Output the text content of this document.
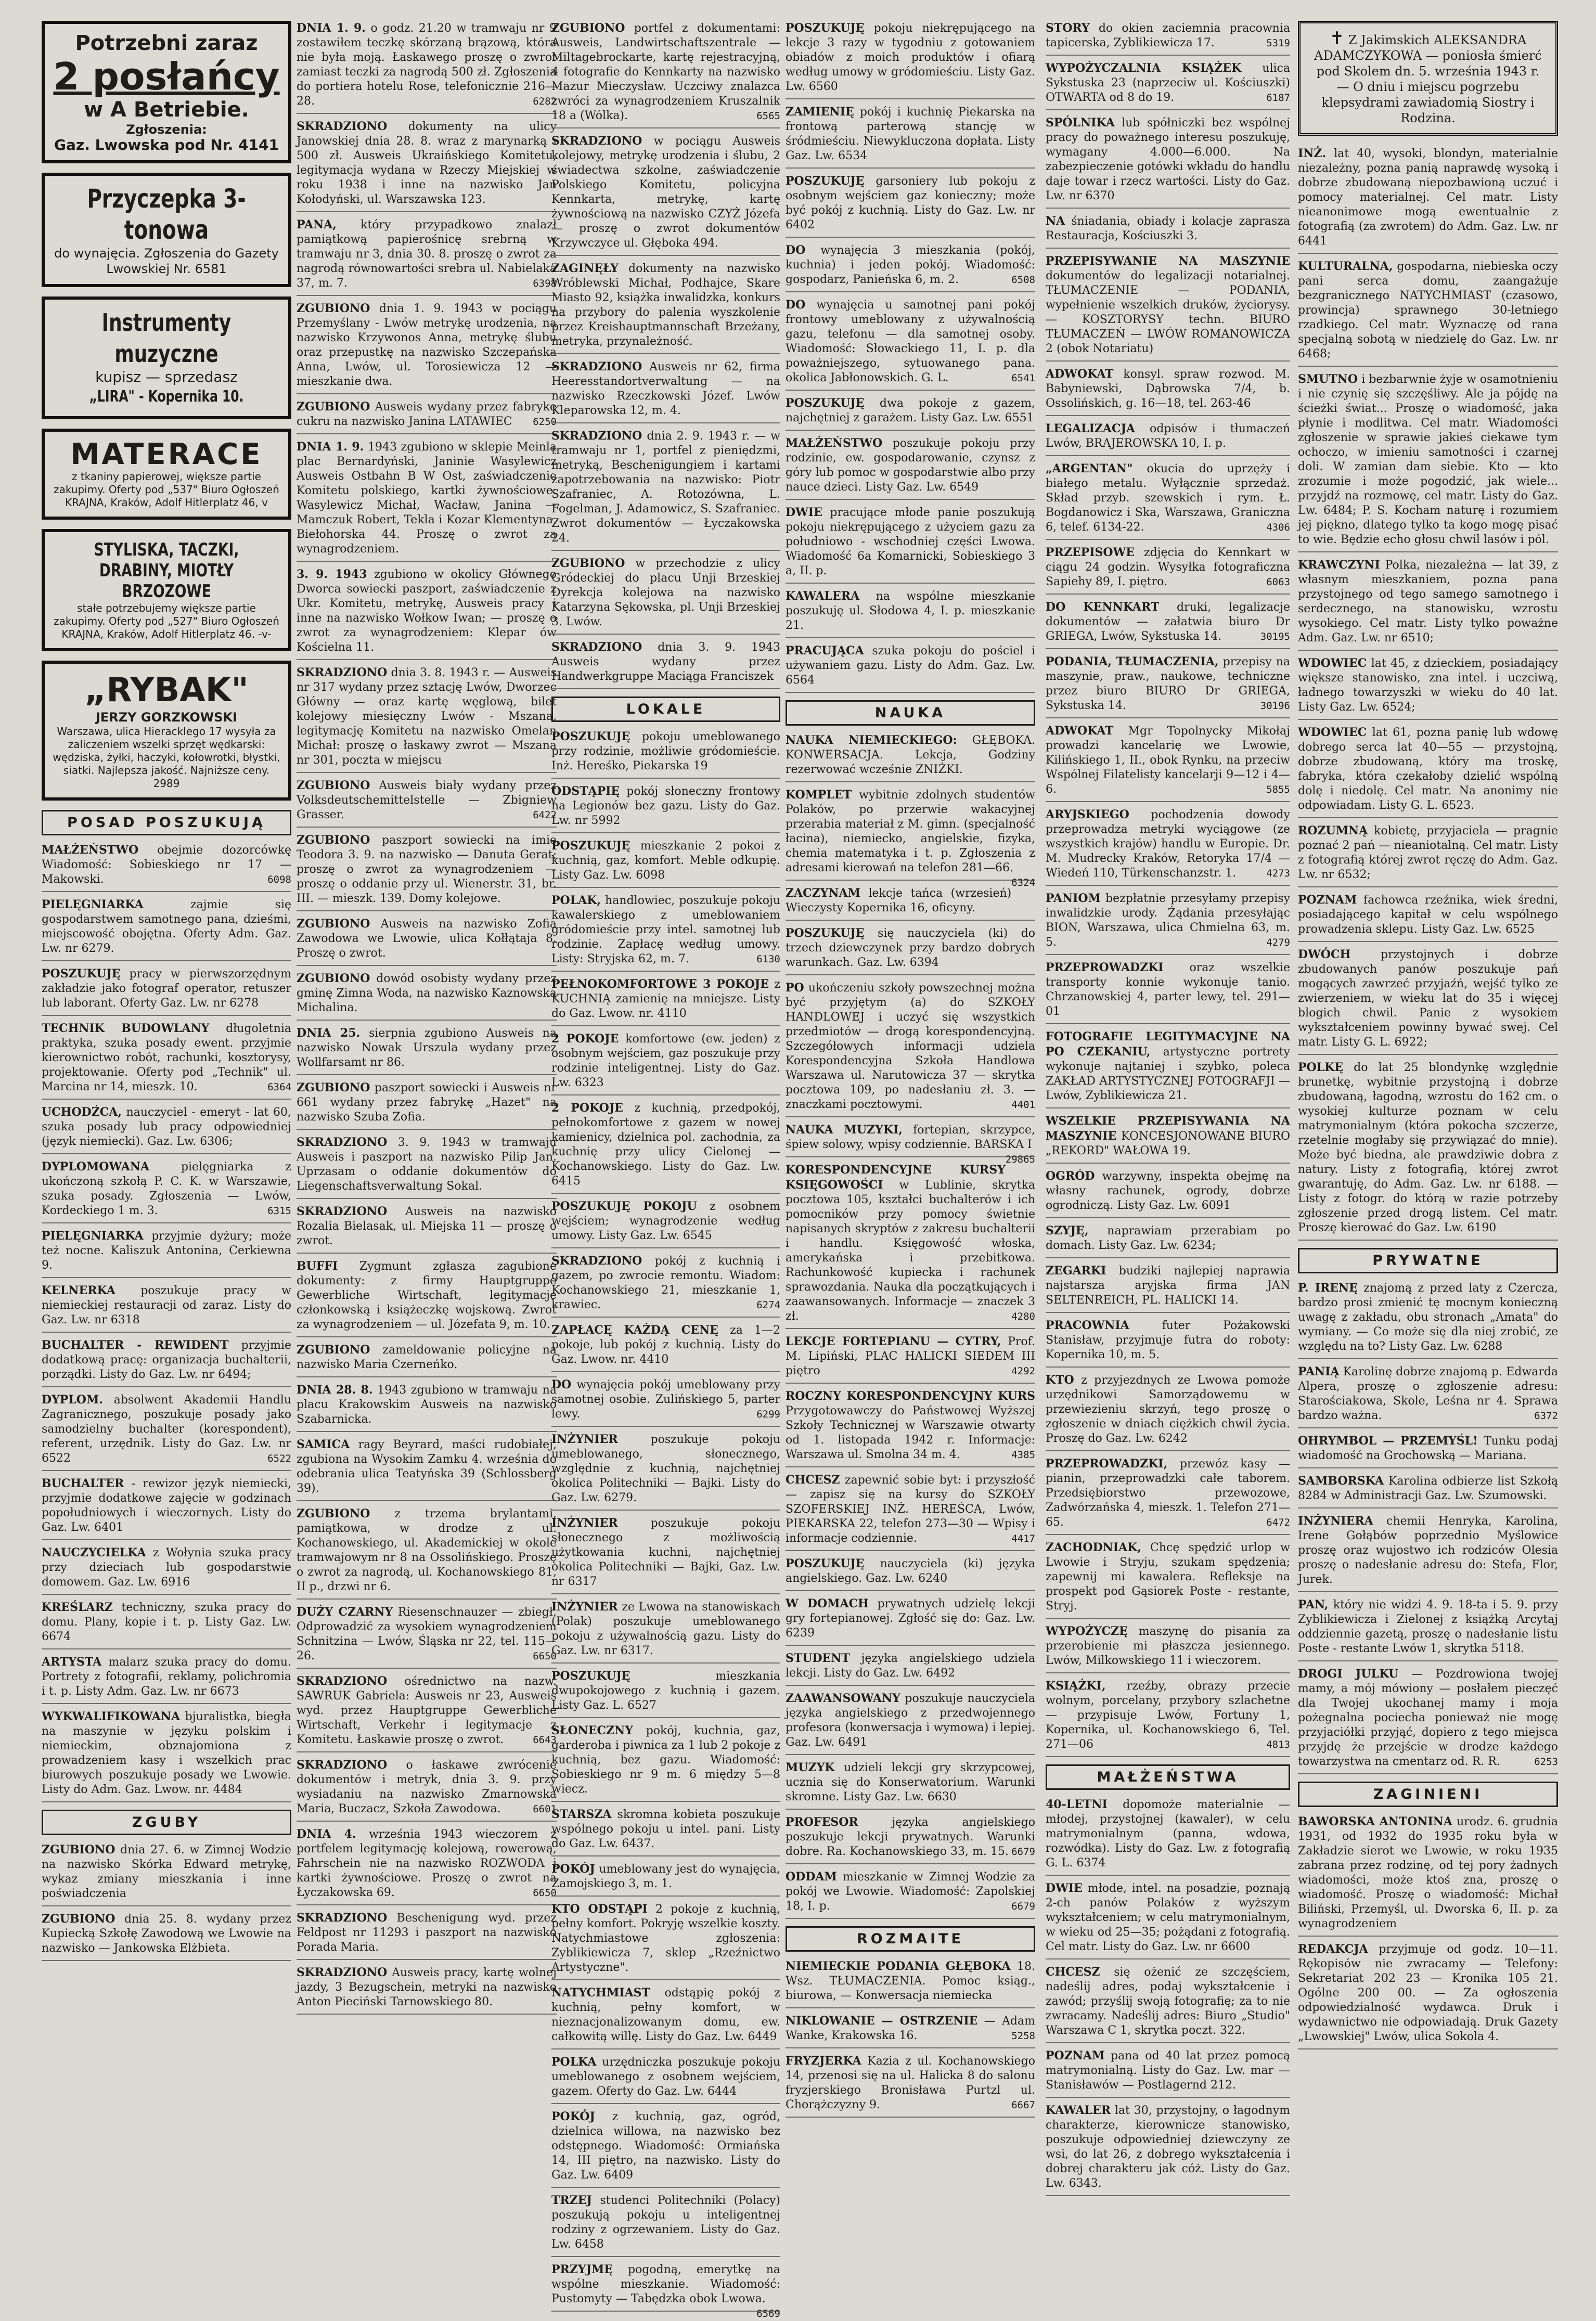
Potrzebni zaraz
2 posłańcy
w A Betriebie.
Zgłoszenia:
Gaz. Lwowska pod Nr. 4141
Przyczepka 3-tonowa
do wynajęcia. Zgłoszenia do Gazety Lwowskiej Nr. 6581
Instrumenty muzyczne
kupisz — sprzedasz
„LIRA" - Kopernika 10.
MATERACE
z tkaniny papierowej, większe partie zakupimy. Oferty pod „537" Biuro Ogłoszeń KRAJNA, Kraków, Adolf Hitlerplatz 46, v
STYLISKA, TACZKI, DRABINY, MIOTŁY BRZOZOWE
stałe potrzebujemy większe partie zakupimy. Oferty pod „527" Biuro Ogłoszeń KRAJNA, Kraków, Adolf Hitlerplatz 46. -v-
„RYBAK"
JERZY GORZKOWSKI
Warszawa, ulica Hieracklego 17 wysyła za zaliczeniem wszelki sprzęt wędkarski: wędziska, żyłki, haczyki, kołowrotki, błystki, siatki. Najlepsza jakość. Najniższe ceny. 2989
POSAD POSZUKUJĄ
MAŁŻEŃSTWO obejmie dozorcówkę Wiadomość: Sobieskiego nr 17 — Makowski.	6098
PIELĘGNIARKA	zajmie się gospodarstwem samotnego pana, dzieśmi, miejscowość obojętna. Oferty Adm. Gaz. Lw. nr 6279.
POSZUKUJĘ pracy w pierwszorzędnym zakładzie jako fotograf operator, retuszer lub laborant. Oferty Gaz. Lw. nr 6278
TECHNIK BUDOWLANY długoletnia praktyka, szuka posady ewent. przyjmie kierownictwo robót, rachunki, kosztorysy, projektowanie. Oferty pod „Technik" ul. Marcina nr 14, mieszk. 10.	6364
UCHODŹCA, nauczyciel - emeryt - lat 60, szuka posady lub pracy odpowiedniej (język niemiecki). Gaz. Lw. 6306;
DYPLOMOWANA	pielęgniarka z ukończoną szkołą P. C. K. w Warszawie, szuka posady. Zgłoszenia — Lwów, Kordeckiego 1 m. 3.	6315
PIELĘGNIARKA przyjmie dyżury; może też nocne. Kaliszuk Antonina, Cerkiewna 9.
KELNERKA poszukuje pracy w niemieckiej restauracji od zaraz. Listy do Gaz. Lw. nr 6318
BUCHALTER - REWIDENT przyjmie dodatkową pracę: organizacja buchalterii, porządki. Listy do Gaz. Lw. nr 6494;
DYPLOM. absolwent Akademii Handlu Zagranicznego, poszukuje posady jako samodzielny buchalter (korespondent), referent, urzędnik. Listy do Gaz. Lw. nr 6522	6522
BUCHALTER - rewizor język niemiecki, przyjmie dodatkowe zajęcie w godzinach popołudniowych i wieczornych. Listy do Gaz. Lw. 6401
NAUCZYCIELKA z Wołynia szuka pracy przy dzieciach lub gospodarstwie domowem. Gaz. Lw. 6916
KREŚLARZ techniczny, szuka pracy do domu. Plany, kopie i t. p. Listy Gaz. Lw. 6674
ARTYSTA malarz szuka pracy do domu. Portrety z fotografii, reklamy, polichromia i t. p. Listy Adm. Gaz. Lw. nr 6673
WYKWALIFIKOWANA bjuralistka, biegła na maszynie w języku polskim i niemieckim, obznajomiona z prowadzeniem kasy i wszelkich prac biurowych poszukuje posady we Lwowie. Listy do Adm. Gaz. Lwow. nr. 4484
ZGUBY
ZGUBIONO dnia 27. 6. w Zimnej Wodzie na nazwisko Skórka Edward metrykę, wykaz zmiany mieszkania i inne poświadczenia
ZGUBIONO dnia 25. 8. wydany przez Kupiecką Szkołę Zawodową we Lwowie na nazwisko — Jankowska Elżbieta.
DNIA 1. 9. o godz. 21.20 w tramwaju nr 9 zostawiłem teczkę skórzaną brązową, która nie była moją. Łaskawego proszę o zwrot zamiast teczki za nagrodą 500 zł. Zgłoszenia do portiera hotelu Rose, telefonicznie 216—28.	6282
SKRADZIONO dokumenty na ulicy Janowskiej dnia 28. 8. wraz z marynarką i 500 zł. Ausweis Ukraińskiego Komitetu, legitymacja wydana w Rzeczy Miejskiej w roku 1938 i inne na nazwisko Jan Kołodyński, ul. Warszawska 123.
PANA, który przypadkowo znalazł pamiątkową papierośnicę srebrną w tramwaju nr 3, dnia 30. 8. proszę o zwrot za nagrodą równowartości srebra ul. Nabielaka 37, m. 7.	6398
ZGUBIONO dnia 1. 9. 1943 w pociągu Przemyślany - Lwów metrykę urodzenia, na nazwisko Krzywonos Anna, metrykę ślubu oraz przepustkę na nazwisko Szczepańska Anna, Lwów, ul. Torosiewicza 12 — mieszkanie dwa.
ZGUBIONO Ausweis wydany przez fabrykę cukru na nazwisko Janina LATAWIEC 6250
DNIA 1. 9. 1943 zgubiono w sklepie Meinla plac Bernardyński, Janinie Wasylewicz Ausweis Ostbahn B W Ost, zaświadczenie Komitetu polskiego, kartki żywnościowe: Wasylewicz Michał, Wacław, Janina — Mamczuk Robert, Tekla i Kozar Klementyna, Biełohorska 44. Proszę o zwrot za wynagrodzeniem.
3. 9. 1943 zgubiono w okolicy Głównego Dworca sowiecki paszport, zaświadczenie z Ukr. Komitetu, metrykę, Ausweis pracy i inne na nazwisko Wołkow Iwan; — proszę o zwrot za wynagrodzeniem: Klepar ów Kościelna 11.
SKRADZIONO dnia 3. 8. 1943 r. — Ausweis nr 317 wydany przez sztację Lwów, Dworzec Główny — oraz kartę węglową, bilet kolejowy miesięczny Lwów - Mszana, legitymację Komitetu na nazwisko Omelan Michał: proszę o łaskawy zwrot — Mszana nr 301, poczta w miejscu
ZGUBIONO Ausweis biały wydany przez Volksdeutschemittelstelle — Zbigniew Grasser.	6422
ZGUBIONO paszport sowiecki na imię Teodora 3. 9. na nazwisko — Danuta Gerat; proszę o zwrot za wynagrodzeniem — proszę o oddanie przy ul. Wienerstr. 31, br. III. — mieszk. 139. Domy kolejowe.
ZGUBIONO Ausweis na nazwisko Zofia Zawodowa we Lwowie, ulica Kołłątaja 8. Proszę o zwrot.
ZGUBIONO dowód osobisty wydany przez gminę Zimna Woda, na nazwisko Kaznowska Michalina.
DNIA 25. sierpnia zgubiono Ausweis na nazwisko Nowak Urszula wydany przez Wollfarsamt nr 86.
ZGUBIONO paszport sowiecki i Ausweis nr 661 wydany przez fabrykę „Hazet" na nazwisko Szuba Zofia.
SKRADZIONO 3. 9. 1943 w tramwaju Ausweis i paszport na nazwisko Pilip Jan. Uprzasam o oddanie dokumentów do Liegenschaftsverwaltung Sokal.
SKRADZIONO Ausweis na nazwisko Rozalia Bielasak, ul. Miejska 11 — proszę o zwrot.
BUFFI Zygmunt zgłasza zagubione dokumenty: z firmy Hauptgruppe Gewerbliche Wirtschaft, legitymacje członkowską i książeczkę wojskową. Zwrot za wynagrodzeniem — ul. Józefata 9, m. 10.
ZGUBIONO zameldowanie policyjne na nazwisko Maria Czerneńko.
DNIA 28. 8. 1943 zgubiono w tramwaju na placu Krakowskim Ausweis na nazwisko Szabarnicka.
SAMICA ragy Beyrard, maści rudobiałej, zgubiona na Wysokim Zamku 4. września do odebrania ulica Teatyńska 39 (Schlossberg 39).
ZGUBIONO z trzema brylantami, pamiątkowa, w drodze z ul. Kochanowskiego, ul. Akademickiej w okole tramwajowym nr 8 na Ossolińskiego. Proszę o zwrot za nagrodą, ul. Kochanowskiego 81, II p., drzwi nr 6.
DUŻY CZARNY Riesenschnauzer — zbiegł. Odprowadzić za wysokiem wynagrodzeniem Schnitzina — Lwów, Śląska nr 22, tel. 115—26.	6650
SKRADZIONO ośrednictwo na nazw. SAWRUK Gabriela: Ausweis nr 23, Ausweis wyd. przez Hauptgruppe Gewerbliche Wirtschaft, Verkehr i legitymacje z Komitetu. Łaskawie proszę o zwrot.	6643
SKRADZIONO o łaskawe zwrócenie dokumentów i metryk, dnia 3. 9. przy wysiadaniu na nazwisko Zmarnowska Maria, Buczacz, Szkoła Zawodowa.	6601
DNIA 4. września 1943 wieczorem z portfelem legitymację kolejową, rowerową, Fahrschein nie na nazwisko ROZWODA i kartki żywnościowe. Proszę o zwrot na Łyczakowska 69.	6650
SKRADZIONO Beschenigung wyd. przez Feldpost nr 11293 i paszport na nazwisko Porada Maria.
SKRADZIONO Ausweis pracy, kartę wolnej jazdy, 3 Bezugschein, metryki na nazwisko Anton Pieciński Tarnowskiego 80.
ZGUBIONO portfel z dokumentami: Ausweis, Landwirtschaftszentrale — Miltagebrockarte, kartę rejestracyjną, 4 fotografie do Kennkarty na nazwisko Mazur Mieczysław. Uczciwy znalazca zwróci za wynagrodzeniem Kruszalnik 18 a (Wólka).	6565
SKRADZIONO w pociągu Ausweis kolejowy, metrykę urodzenia i ślubu, 2 świadectwa szkolne, zaświadczenie Polskiego Komitetu, policyjna Kennkarta, metrykę, kartę żywnościową na nazwisko CZYŻ Józefa — proszę o zwrot dokumentów Krzywczyce ul. Głęboka 494.
ZAGINĘŁY dokumenty na nazwisko Wróblewski Michał, Podhajce, Skare Miasto 92, książka inwalidzka, konkurs na przybory do palenia wyszkolenie przez Kreishauptmannschaft Brzeżany, metryka, przynależność.
SKRADZIONO Ausweis nr 62, firma Heeresstandortverwaltung — na nazwisko Rzeczkowski Józef. Lwów Kleparowska 12, m. 4.
SKRADZIONO dnia 2. 9. 1943 r. — w tramwaju nr 1, portfel z pieniędzmi, metryką, Beschenigungiem i kartami zapotrzebowania na nazwisko: Piotr Szafraniec, A. Rotozówna, L. Fogelman, J. Adamowicz, S. Szafraniec. Zwrot dokumentów — Łyczakowska 24.
ZGUBIONO w przechodzie z ulicy Gródeckiej do placu Unji Brzeskiej Dyrekcja kolejowa na nazwisko Katarzyna Sękowska, pl. Unji Brzeskiej 3. Lwów.
SKRADZIONO dnia 3. 9. 1943 Ausweis wydany przez Handwerkgruppe Maciąga Franciszek
LOKALE
POSZUKUJĘ pokoju umeblowanego przy rodzinie, możliwie gródomieście. Inż. Hereśko, Piekarska 19
ODSTĄPIĘ pokój słoneczny frontowy na Legionów bez gazu. Listy do Gaz. Lw. nr 5992
POSZUKUJĘ mieszkanie 2 pokoi z kuchnią, gaz, komfort. Meble odkupię. Listy Gaz. Lw. 6098
POLAK, handlowiec, poszukuje pokoju kawalerskiego z umeblowaniem gródomieście przy intel. samotnej lub rodzinie. Zapłacę według umowy. Listy: Stryjska 62, m. 7.	6130
PEŁNOKOMFORTOWE 3 POKOJE z KUCHNIĄ zamienię na mniejsze. Listy do Gaz. Lwow. nr. 4110
2 POKOJE komfortowe (ew. jeden) z osobnym wejściem, gaz poszukuje przy rodzinie inteligentnej. Listy do Gaz. Lw. 6323
2 POKOJE z kuchnią, przedpokój, pełnokomfortowe z gazem w nowej kamienicy, dzielnica pol. zachodnia, za kuchnię przy ulicy Cielonej — Kochanowskiego. Listy do Gaz. Lw. 6415
POSZUKUJĘ POKOJU z osobnem wejściem; wynagrodzenie według umowy. Listy Gaz. Lw. 6545
SKRADZIONO pokój z kuchnią i gazem, po zwrocie remontu. Wiadom: Kochanowskiego 21, mieszkanie 1, krawiec.	6274
ZAPŁACĘ KAŻDĄ CENĘ za 1—2 pokoje, lub pokój z kuchnią. Listy do Gaz. Lwow. nr. 4410
DO wynajęcia pokój umeblowany przy samotnej osobie. Zulińskiego 5, parter lewy.	6299
INŻYNIER	poszukuje pokoju umeblowanego, słonecznego, względnie z kuchnią, najchętniej okolica Politechniki — Bajki. Listy do Gaz. Lw. 6279.
INŻYNIER	poszukuje pokoju słonecznego z możliwością użytkowania kuchni, najchętniej okolica Politechniki — Bajki, Gaz. Lw. nr 6317
INŻYNIER ze Lwowa na stanowiskach (Polak) poszukuje umeblowanego pokoju z używalnością gazu. Listy do Gaz. Lw. nr 6317.
POSZUKUJĘ	mieszkania dwupokojowego z kuchnią i gazem. Listy Gaz. L. 6527
SŁONECZNY pokój, kuchnia, gaz, garderoba i piwnica za 1 lub 2 pokoje z kuchnią, bez gazu. Wiadomość: Sobieskiego nr 9 m. 6 między 5—8 wiecz.
STARSZA skromna kobieta poszukuje wspólnego pokoju u intel. pani. Listy do Gaz. Lw. 6437.
POKÓJ umeblowany jest do wynajęcia, Zamojskiego 3, m. 1.
KTO ODSTĄPI 2 pokoje z kuchnią, pełny komfort. Pokryję wszelkie koszty. Natychmiastowe zgłoszenia: Zyblikiewicza 7, sklep „Rzeźnictwo Artystyczne".
NATYCHMIAST odstąpię pokój z kuchnią, pełny komfort, w nieznacjonalizowanym domu, ew. całkowitą willę. Listy do Gaz. Lw. 6449
POLKA urzędniczka poszukuje pokoju umeblowanego z osobnem wejściem, gazem. Oferty do Gaz. Lw. 6444
POKÓJ z kuchnią, gaz, ogród, dzielnica willowa, na nazwisko bez odstępnego. Wiadomość: Ormiańska 14, III piętro, na nazwisko. Listy do Gaz. Lw. 6409
TRZEJ studenci Politechniki (Polacy) poszukują pokoju u inteligentnej rodziny z ogrzewaniem. Listy do Gaz. Lw. 6458
PRZYJMĘ pogodną, emerytkę na wspólne mieszkanie. Wiadomość: Pustomyty — Tabędzka obok Lwowa.
6569
POSZUKUJĘ pokoju niekrępującego na lekcje 3 razy w tygodniu z gotowaniem obiadów z moich produktów i ofiarą według umowy w gródomieściu. Listy Gaz. Lw. 6560
ZAMIENIĘ pokój i kuchnię Piekarska na frontową parterową stancję w śródmieściu. Niewykluczona dopłata. Listy Gaz. Lw. 6534
POSZUKUJĘ garsoniery lub pokoju z osobnym wejściem gaz konieczny; może być pokój z kuchnią. Listy do Gaz. Lw. nr 6402
DO wynajęcia 3 mieszkania (pokój, kuchnia) i jeden pokój. Wiadomość: gospodarz, Panieńska 6, m. 2.	6508
DO wynajęcia u samotnej pani pokój frontowy umeblowany z używalnością gazu, telefonu — dla samotnej osoby. Wiadomość: Słowackiego 11, I. p. dla poważniejszego, sytuowanego pana. okolica Jabłonowskich. G. L.	6541
POSZUKUJĘ dwa pokoje z gazem, najchętniej z garażem. Listy Gaz. Lw. 6551
MAŁŻEŃSTWO poszukuje pokoju przy rodzinie, ew. gospodarowanie, czynsz z góry lub pomoc w gospodarstwie albo przy nauce dzieci. Listy Gaz. Lw. 6549
DWIE pracujące młode panie poszukują pokoju niekrępującego z użyciem gazu za południowo - wschodniej części Lwowa. Wiadomość 6a Komarnicki, Sobieskiego 3 a, II. p.
KAWALERA na wspólne mieszkanie poszukuję ul. Słodowa 4, I. p. mieszkanie 21.
PRACUJĄCA szuka pokoju do pościel i używaniem gazu. Listy do Adm. Gaz. Lw. 6564
NAUKA
NAUKA NIEMIECKIEGO: GŁĘBOKA. KONWERSACJA. Lekcja, Godziny rezerwować wcześnie ZNIŻKI.
KOMPLET wybitnie zdolnych studentów Polaków, po przerwie wakacyjnej przerabia materiał z M. gimn. (specjalność łacina), niemiecko, angielskie, fizyka, chemia matematyka i t. p. Zgłoszenia z adresami kierowań na telefon 281—66.
6324
ZACZYNAM lekcje tańca (wrzesień) Wieczysty Kopernika 16, oficyny.
POSZUKUJĘ się nauczyciela (ki) do trzech dziewczynek przy bardzo dobrych warunkach. Gaz. Lw. 6394
PO ukończeniu szkoły powszechnej można być przyjętym (a) do SZKOŁY HANDLOWEJ i uczyć się wszystkich przedmiotów — drogą korespondencyjną. Szczegółowych informacji udziela Korespondencyjna Szkoła Handlowa Warszawa ul. Narutowicza 37 — skrytka pocztowa 109, po nadesłaniu zł. 3. — znaczkami pocztowymi.	4401
NAUKA MUZYKI, fortepian, skrzypce, śpiew solowy, wpisy codziennie. BARSKA I
29865
KORESPONDENCYJNE KURSY KSIĘGOWOŚCI w Lublinie, skrytka pocztowa 105, kształci buchalterów i ich pomocników przy pomocy świetnie napisanych skryptów z zakresu buchalterii i handlu. Księgowość włoska, amerykańska i przebitkowa. Rachunkowość kupiecka i rachunek sprawozdania. Nauka dla początkujących i zaawansowanych. Informacje — znaczek 3 zł.	4280
LEKCJE FORTEPIANU — CYTRY, Prof. M. Lipiński, PLAC HALICKI SIEDEM III piętro	4292
ROCZNY KORESPONDENCYJNY KURS Przygotowawczy do Państwowej Wyższej Szkoły Technicznej w Warszawie otwarty od 1. listopada 1942 r. Informacje: Warszawa ul. Smolna 34 m. 4.	4385
CHCESZ zapewnić sobie byt: i przyszłość — zapisz się na kursy do SZKOŁY SZOFERSKIEJ INŻ. HEREŚCA, Lwów, PIEKARSKA 22, telefon 273—30 — Wpisy i informacje codziennie.	4417
POSZUKUJĘ nauczyciela (ki) języka angielskiego. Gaz. Lw. 6240
W DOMACH prywatnych udzielę lekcji gry fortepianowej. Zgłość się do: Gaz. Lw. 6239
STUDENT języka angielskiego udziela lekcji. Listy do Gaz. Lw. 6492
ZAAWANSOWANY poszukuje nauczyciela języka angielskiego z przedwojennego profesora (konwersacja i wymowa) i lepiej. Gaz. Lw. 6491
MUZYK udzieli lekcji gry skrzypcowej, ucznia się do Konserwatorium. Warunki skromne. Listy Gaz. Lw. 6630
PROFESOR	języka angielskiego poszukuje lekcji prywatnych. Warunki dobre. Ra. Kochanowskiego 33, m. 15. 6679
ODDAM mieszkanie w Zimnej Wodzie za pokój we Lwowie. Wiadomość: Zapolskiej 18, I. p.	6679
ROZMAITE
NIEMIECKIE PODANIA GŁĘBOKA 18. Wsz. TŁUMACZENIA. Pomoc ksiąg., biurowa, — Konwersacja niemiecka
NIKLOWANIE — OSTRZENIE — Adam Wanke, Krakowska 16.	5258
FRYZJERKA Kazia z ul. Kochanowskiego 14, przenosi się na ul. Halicka 8 do salonu fryzjerskiego Bronisława Purtzl ul. Chorążczyzny 9.	6667
STORY do okien zaciemnia pracownia tapicerska, Zyblikiewicza 17.	5319
WYPOŻYCZALNIA KSIĄŻEK ulica Sykstuska 23 (naprzeciw ul. Kościuszki) OTWARTA od 8 do 19.	6187
SPÓLNIKA lub spółniczki bez wspólnej pracy do poważnego interesu poszukuję, wymagany 4.000—6.000. Na zabezpieczenie gotówki wkładu do handlu daje towar i rzecz wartości. Listy do Gaz. Lw. nr 6370
NA śniadania, obiady i kolacje zaprasza Restauracja, Kościuszki 3.
PRZEPISYWANIE NA MASZYNIE dokumentów do legalizacji notarialnej. TŁUMACZENIE — PODANIA, wypełnienie wszelkich druków, życiorysy. — KOSZTORYSY techn. BIURO TŁUMACZEŃ — LWÓW ROMANOWICZA 2 (obok Notariatu)
ADWOKAT konsyl. spraw rozwod. M. Babyniewski, Dąbrowska 7/4, b. Ossolińskich, g. 16—18, tel. 263-46
LEGALIZACJA odpisów i tłumaczeń Lwów, BRAJEROWSKA 10, I. p.
„ARGENTAN" okucia do uprzęży i białego metalu. Wyłącznie sprzedaż. Skład przyb. szewskich i rym. Ł. Bogdanowicz i Ska, Warszawa, Graniczna 6, telef. 6134-22.	4306
PRZEPISOWE zdjęcia do Kennkart w ciągu 24 godzin. Wysyłka fotograficzna Sapiehy 89, I. piętro.	6063
DO KENNKART druki, legalizacje dokumentów — załatwia biuro Dr GRIEGA, Lwów, Sykstuska 14.	30195
PODANIA, TŁUMACZENIA, przepisy na maszynie, praw., naukowe, techniczne przez biuro BIURO Dr GRIEGA, Sykstuska 14.	30196
ADWOKAT Mgr Topolnycky Mikołaj prowadzi kancelarię we Lwowie, Kilińskiego 1, II., obok Rynku, na przeciw Wspólnej Filatelisty kancelarji 9—12 i 4—6.	5855
ARYJSKIEGO pochodzenia dowody przeprowadza metryki wyciągowe (ze wszystkich krajów) handlu w Europie. Dr. M. Mudrecky Kraków, Retoryka 17/4 — Wiedeń 110, Türkenschanzstr. 1.	4273
PANIOM bezpłatnie przesyłamy przepisy inwalidzkie urody. Żądania przesyłając BION, Warszawa, ulica Chmielna 63, m. 5.	4279
PRZEPROWADZKI oraz wszelkie transporty konnie wykonuje tanio. Chrzanowskiej 4, parter lewy, tel. 291—01
FOTOGRAFIE LEGITYMACYJNE NA PO CZEKANIU, artystyczne portrety wykonuje najtaniej i szybko, poleca ZAKŁAD ARTYSTYCZNEJ FOTOGRAFJI — Lwów, Zyblikiewicza 21.
WSZELKIE PRZEPISYWANIA NA MASZYNIE KONCESJONOWANE BIURO „REKORD" WAŁOWA 19.
OGRÓD warzywny, inspekta obejmę na własny rachunek, ogrody, dobrze ogrodniczą. Listy Gaz. Lw. 6091
SZYJĘ, naprawiam przerabiam po domach. Listy Gaz. Lw. 6234;
ZEGARKI budziki najlepiej naprawia najstarsza aryjska firma JAN SELTENREICH, PL. HALICKI 14.
PRACOWNIA	futer Pożakowski Stanisław, przyjmuje futra do roboty: Kopernika 10, m. 5.
KTO z przyjezdnych ze Lwowa pomoże urzędnikowi Samorządowemu w przewiezieniu skrzyń, tego proszę o zgłoszenie w dniach ciężkich chwil życia. Proszę do Gaz. Lw. 6242
PRZEPROWADZKI, przewóz kasy — pianin, przeprowadzki całe taborem. Przedsiębiorstwo przewozowe, Zadwórzańska 4, mieszk. 1. Telefon 271—65.	6472
ZACHODNIAK, Chcę spędzić urlop w Lwowie i Stryju, szukam spędzenia; zapewnij mi kawalera. Refleksje na prospekt pod Gąsiorek Poste - restante, Stryj.
WYPOŻYCZĘ maszynę do pisania za przerobienie mi płaszcza jesiennego. Lwów, Milkowskiego 11 i wieczorem.
KSIĄŻKI, rzeźby, obrazy przecie wolnym, porcelany, przybory szlachetne — przypisuje Lwów, Fortuny 1, Kopernika, ul. Kochanowskiego 6, Tel. 271—06	4813
MAŁŻEŃSTWA
40-LETNI dopomoże materialnie — młodej, przystojnej (kawaler), w celu matrymonialnym (panna, wdowa, rozwódka). Listy do Gaz. Lw. z fotografią G. L. 6374
DWIE młode, intel. na posadzie, poznają 2-ch panów Polaków z wyższym wykształceniem; w celu matrymonialnym, w wieku od 25—35; pożądani z fotografią. Cel matr. Listy do Gaz. Lw. nr 6600
CHCESZ się ożenić ze szczęściem, nadeślij adres, podaj wykształcenie i zawód; przyślij swoją fotografię; za to nie zwracamy. Nadeślij adres: Biuro „Studio" Warszawa C 1, skrytka poczt. 322.
POZNAM pana od 40 lat przez pomocą matrymonialną. Listy do Gaz. Lw. mar — Stanisławów — Postlagernd 212.
KAWALER lat 30, przystojny, o łagodnym charakterze, kierownicze stanowisko, poszukuje odpowiedniej dziewczyny ze wsi, do lat 26, z dobrego wykształcenia i dobrej charakteru jak cóż. Listy do Gaz. Lw. 6343.
✝ Z Jakimskich ALEKSANDRA ADAMCZYKOWA — poniosła śmierć pod Skolem dn. 5. września 1943 r. — O dniu i miejscu pogrzebu klepsydrami zawiadomią Siostry i Rodzina.
INŻ. lat 40, wysoki, blondyn, materialnie niezależny, pozna panią naprawdę wysoką i dobrze zbudowaną niepozbawioną uczuć i pomocy materialnej. Cel matr. Listy nieanonimowe mogą ewentualnie z fotografią (za zwrotem) do Adm. Gaz. Lw. nr 6441
KULTURALNA, gospodarna, niebieska oczy pani serca domu, zaangażuje bezgranicznego NATYCHMIAST (czasowo, prowincja) sprawnego 30-letniego rzadkiego. Cel matr. Wyznaczę od rana specjalną sobotą w niedzielę do Gaz. Lw. nr 6468;
SMUTNO i bezbarwnie żyje w osamotnieniu i nie czynię się szczęśliwy. Ale ja pójdę na ścieżki świat... Proszę o wiadomość, jaka płynie i modlitwa. Cel matr. Wiadomości zgłoszenie w sprawie jakieś ciekawe tym ochoczo, w imieniu samotności i czarnej doli. W zamian dam siebie. Kto — kto zrozumie i może pogodzić, jak wiele... przyjdź na rozmowę, cel matr. Listy do Gaz. Lw. 6484; P. S. Kocham naturę i rozumiem jej piękno, dlatego tylko ta kogo mogę pisać to wie. Będzie echo głosu chwil lasów i pól.
KRAWCZYNI Polka, niezależna — lat 39, z własnym mieszkaniem, pozna pana przystojnego od tego samego samotnego i serdecznego, na stanowisku, wzrostu wysokiego. Cel matr. Listy tylko poważne Adm. Gaz. Lw. nr 6510;
WDOWIEC lat 45, z dzieckiem, posiadający większe stanowisko, zna intel. i uczciwą, ładnego towarzyszki w wieku do 40 lat. Listy Gaz. Lw. 6524;
WDOWIEC lat 61, pozna panię lub wdowę dobrego serca lat 40—55 — przystojną, dobrze zbudowaną, który ma troskę, fabryka, która czekałoby dzielić wspólną dolę i niedolę. Cel matr. Na anonimy nie odpowiadam. Listy G. L. 6523.
ROZUMNĄ kobietę, przyjaciela — pragnie poznać 2 pań — nieaniotalną. Cel matr. Listy z fotografią której zwrot ręczę do Adm. Gaz. Lw. nr 6532;
POZNAM fachowca rzeźnika, wiek średni, posiadającego kapitał w celu wspólnego prowadzenia sklepu. Listy Gaz. Lw. 6525
DWÓCH	przystojnych i dobrze zbudowanych panów poszukuje pań mogących zawrzeć przyjaźń, wejść tylko ze zwierzeniem, w wieku lat do 35 i więcej blogich chwil. Panie z wysokiem wykształceniem powinny bywać swej. Cel matr. Listy G. L. 6922;
POLKĘ do lat 25 blondynkę względnie brunetkę, wybitnie przystojną i dobrze zbudowaną, łagodną, wzrostu do 162 cm. o wysokiej kulturze poznam w celu matrymonialnym (która pokocha szczerze, rzetelnie mogłaby się przywiązać do mnie). Może być biedna, ale prawdziwie dobra z natury. Listy z fotografią, której zwrot gwarantuję, do Adm. Gaz. Lw. nr 6188. — Listy z fotogr. do którą w razie potrzeby zgłoszenie przed drogą listem. Cel matr. Proszę kierować do Gaz. Lw. 6190
PRYWATNE
P. IRENĘ znajomą z przed laty z Czercza, bardzo prosi zmienić tę mocnym konieczną uwagę z zakładu, obu stronach „Amata" do wymiany. — Co może się dla niej zrobić, ze względu na to? Listy Gaz. Lw. 6288
PANIĄ Karolinę dobrze znajomą p. Edwarda Alpera, proszę o zgłoszenie adresu: Starościakowa, Skole, Leśna nr 4. Sprawa bardzo ważna.	6372
OHRYMBOL — PRZEMYŚL! Tunku podaj wiadomość na Grochowską — Mariana.
SAMBORSKA Karolina odbierze list Szkołą 8284 w Administracji Gaz. Lw. Szumowski.
INŻYNIERA chemii Henryka, Karolina, Irene Gołąbów poprzednio Myślowice proszę oraz wujostwo ich rodziców Olesia proszę o nadesłanie adresu do: Stefa, Flor, Jurek.
PAN, który nie widzi 4. 9. 18-ta i 5. 9. przy Zyblikiewicza i Zielonej z książką Arcytaj oddziennie gazetą, proszę o nadesłanie listu Poste - restante Lwów 1, skrytka 5118.
DROGI JULKU — Pozdrowiona twojej mamy, a mój mówiony — posłałem pieczęć dla Twojej ukochanej mamy i moja pożegnalna pociecha ponieważ nie mogę przyjaciółki przyjąć, dopiero z tego miejsca przyjdę że przejście w drodze każdego towarzystwa na cmentarz od. R. R.	6253
ZAGINIENI
BAWORSKA ANTONINA urodz. 6. grudnia 1931, od 1932 do 1935 roku była w Zakładzie sierot we Lwowie, w roku 1935 zabrana przez rodzinę, od tej pory żadnych wiadomości, może ktoś zna, proszę o wiadomość. Proszę o wiadomość: Michał Biliński, Przemyśl, ul. Dworska 6, II. p. za wynagrodzeniem
REDAKCJA przyjmuje od godz. 10—11. Rękopisów nie zwracamy — Telefony: Sekretariat 202 23 — Kronika 105 21. Ogólne 200 00. — Za ogłoszenia odpowiedzialność wydawca. Druk i wydawnictwo nie odpowiadają. Druk Gazety „Lwowskiej" Lwów, ulica Sokola 4.
